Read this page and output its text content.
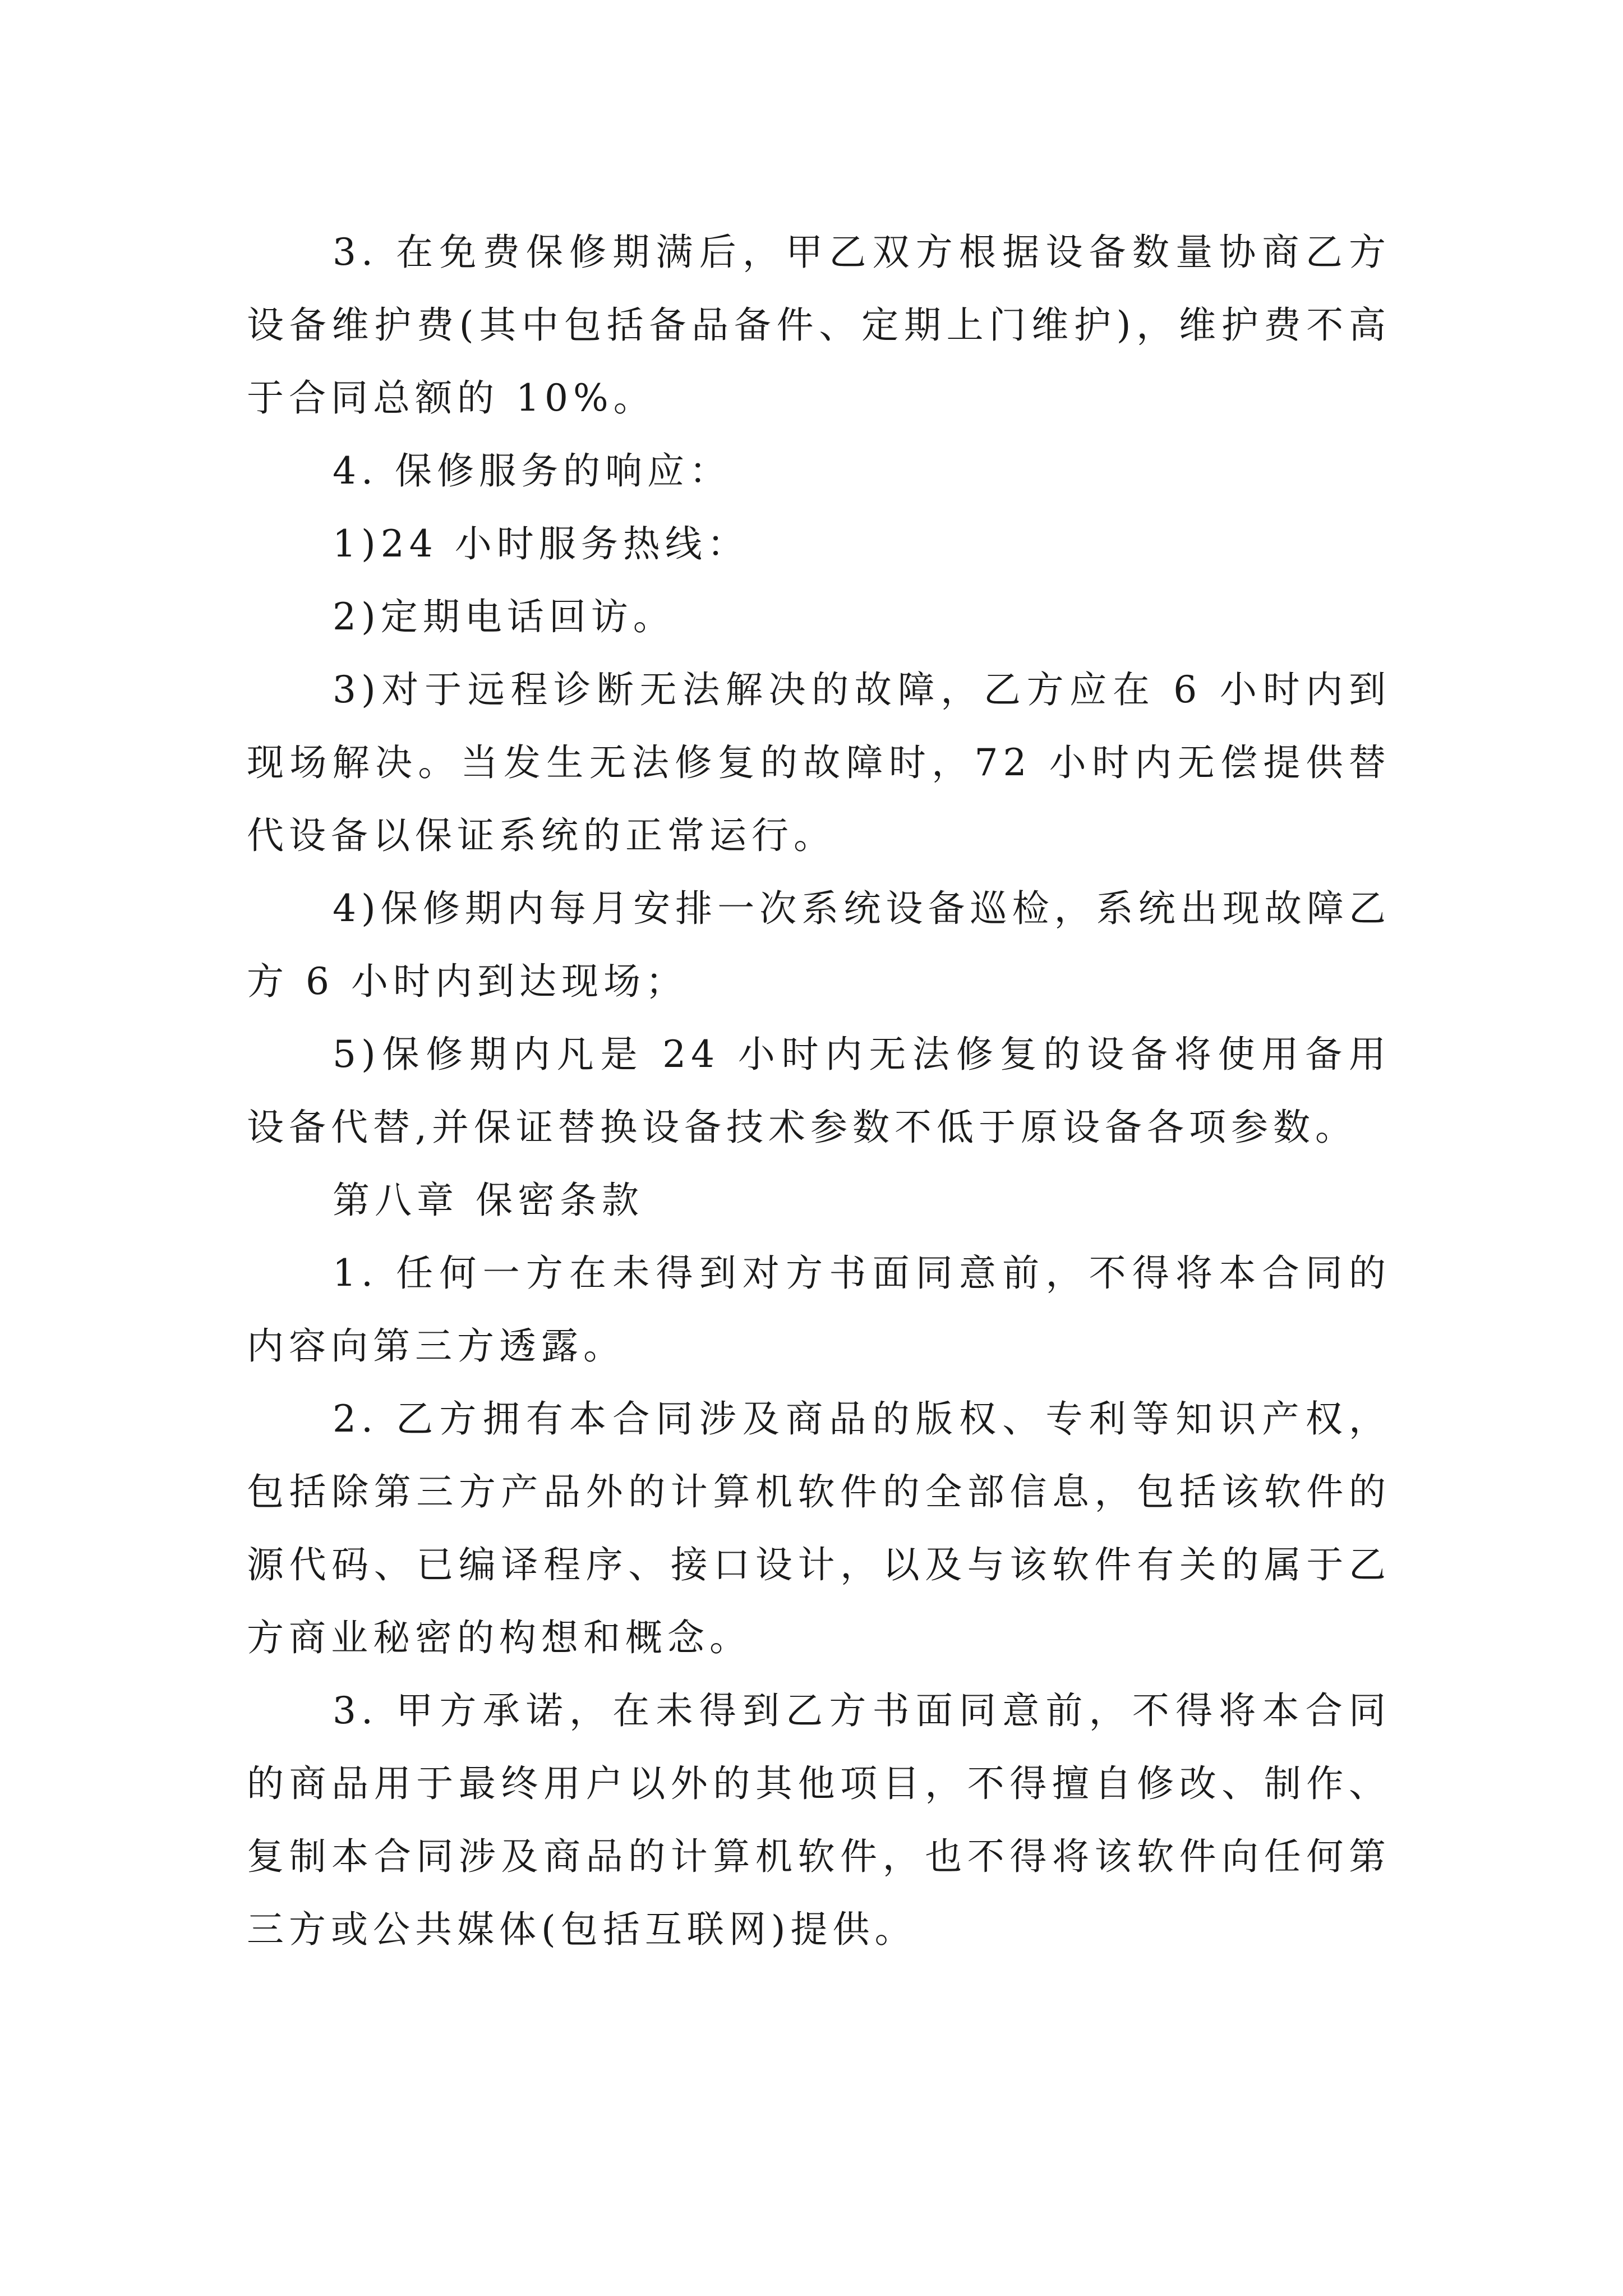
3. 在免费保修期满后，甲乙双方根据设备数量协商乙方设备维护费(其中包括备品备件、定期上门维护)，维护费不高于合同总额的 10%。

4. 保修服务的响应：

1)24 小时服务热线：

2)定期电话回访。

3)对于远程诊断无法解决的故障，乙方应在 6 小时内到现场解决。当发生无法修复的故障时，72 小时内无偿提供替代设备以保证系统的正常运行。

4)保修期内每月安排一次系统设备巡检，系统出现故障乙方 6 小时内到达现场；

5)保修期内凡是 24 小时内无法修复的设备将使用备用设备代替,并保证替换设备技术参数不低于原设备各项参数。

第八章 保密条款

1. 任何一方在未得到对方书面同意前，不得将本合同的内容向第三方透露。

2. 乙方拥有本合同涉及商品的版权、专利等知识产权，包括除第三方产品外的计算机软件的全部信息，包括该软件的源代码、已编译程序、接口设计，以及与该软件有关的属于乙方商业秘密的构想和概念。

3. 甲方承诺，在未得到乙方书面同意前，不得将本合同的商品用于最终用户以外的其他项目，不得擅自修改、制作、复制本合同涉及商品的计算机软件，也不得将该软件向任何第三方或公共媒体(包括互联网)提供。
